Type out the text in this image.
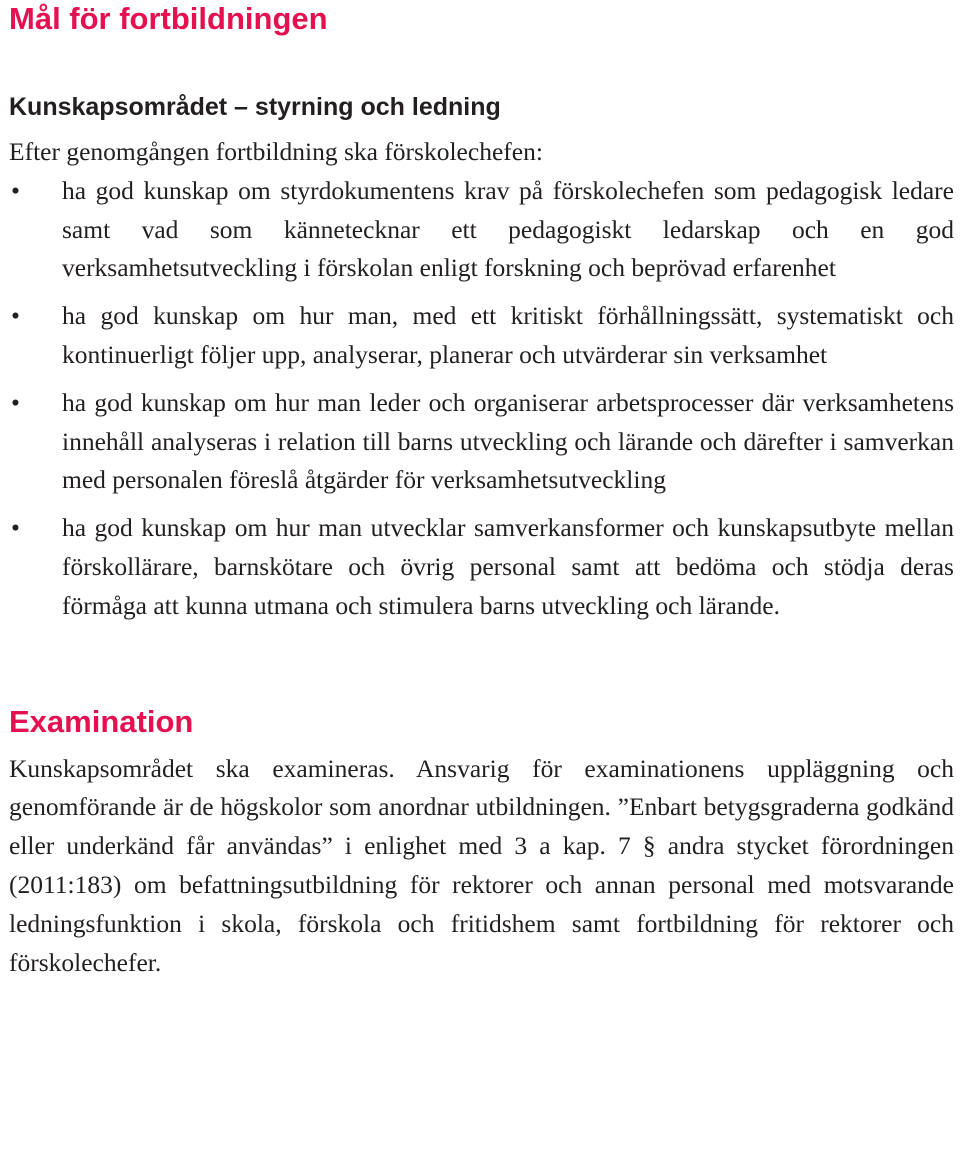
Mål för fortbildningen
Kunskapsområdet – styrning och ledning

Efter genomgången fortbildning ska förskolechefen:

•	ha god kunskap om styrdokumentens krav på förskolechefen som pedagogisk ledare samt vad som kännetecknar ett pedagogiskt ledarskap och en god verksamhetsutveckling i förskolan enligt forskning och beprövad erfarenhet
•	ha god kunskap om hur man, med ett kritiskt förhållningssätt, systematiskt och kontinuerligt följer upp, analyserar, planerar och utvärderar sin verksamhet
•	ha god kunskap om hur man leder och organiserar arbetsprocesser där verksamhetens innehåll analyseras i relation till barns utveckling och lärande och därefter i samverkan med personalen föreslå åtgärder för verksamhetsutveckling
•	ha god kunskap om hur man utvecklar samverkansformer och kunskapsutbyte mellan förskollärare, barnskötare och övrig personal samt att bedöma och stödja deras förmåga att kunna utmana och stimulera barns utveckling och lärande.
Examination

Kunskapsområdet ska examineras. Ansvarig för examinationens uppläggning och genomförande är de högskolor som anordnar utbildningen. ”Enbart betygsgraderna godkänd eller underkänd får användas” i enlighet med 3 a kap. 7 § andra stycket förordningen (2011:183) om befattningsutbildning för rektorer och annan personal med motsvarande ledningsfunktion i skola, förskola och fritidshem samt fortbildning för rektorer och förskolechefer.
